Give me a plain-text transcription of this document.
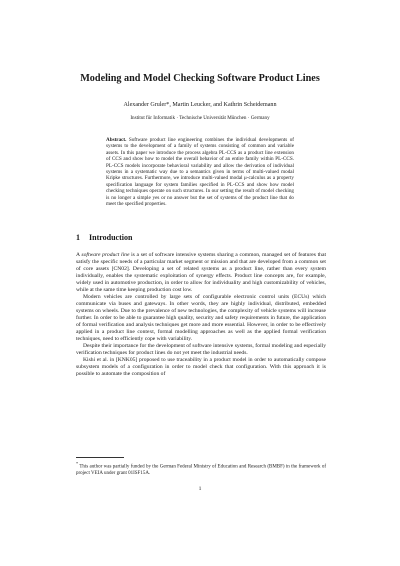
Modeling and Model Checking Software Product Lines
Alexander Gruler*, Martin Leucker, and Kathrin Scheidemann
Institut für Informatik · Technische Universität München · Germany
Abstract. Software product line engineering combines the individual developments of systems to the development of a family of systems consisting of common and variable assets. In this paper we introduce the process algebra PL-CCS as a product line extension of CCS and show how to model the overall behavior of an entire family within PL-CCS. PL-CCS models incorporate behavioral variability and allow the derivation of individual systems in a systematic way due to a semantics given in terms of multi-valued modal Kripke structures. Furthermore, we introduce multi-valued modal μ-calculus as a property specification language for system families specified in PL-CCS and show how model checking techniques operate on such structures. In our setting the result of model checking is no longer a simple yes or no answer but the set of systems of the product line that do meet the specified properties.
1 Introduction

A software product line is a set of software intensive systems sharing a common, managed set of features that satisfy the specific needs of a particular market segment or mission and that are developed from a common set of core assets [CN02]. Developing a set of related systems as a product line, rather than every system individually, enables the systematic exploitation of synergy effects. Product line concepts are, for example, widely used in automotive production, in order to allow for individuality and high customizability of vehicles, while at the same time keeping production cost low.

Modern vehicles are controlled by large sets of configurable electronic control units (ECUs) which communicate via buses and gateways. In other words, they are highly individual, distributed, embedded systems on wheels. Due to the prevalence of new technologies, the complexity of vehicle systems will increase further. In order to be able to guarantee high quality, security and safety requirements in future, the application of formal verification and analysis techniques get more and more essential. However, in order to be effectively applied in a product line context, formal modelling approaches as well as the applied formal verification techniques, need to efficiently cope with variability.

Despite their importance for the development of software intensive systems, formal modeling and especially verification techniques for product lines do not yet meet the industrial needs.

Kishi et al. in [KNK05] proposed to use traceability in a product model in order to automatically compose subsystem models of a configuration in order to model check that configuration. With this approach it is possible to automate the composition of

* This author was partially funded by the German Federal Ministry of Education and Research (BMBF) in the framework of project VEIA under grant 01ISF15A.
1
